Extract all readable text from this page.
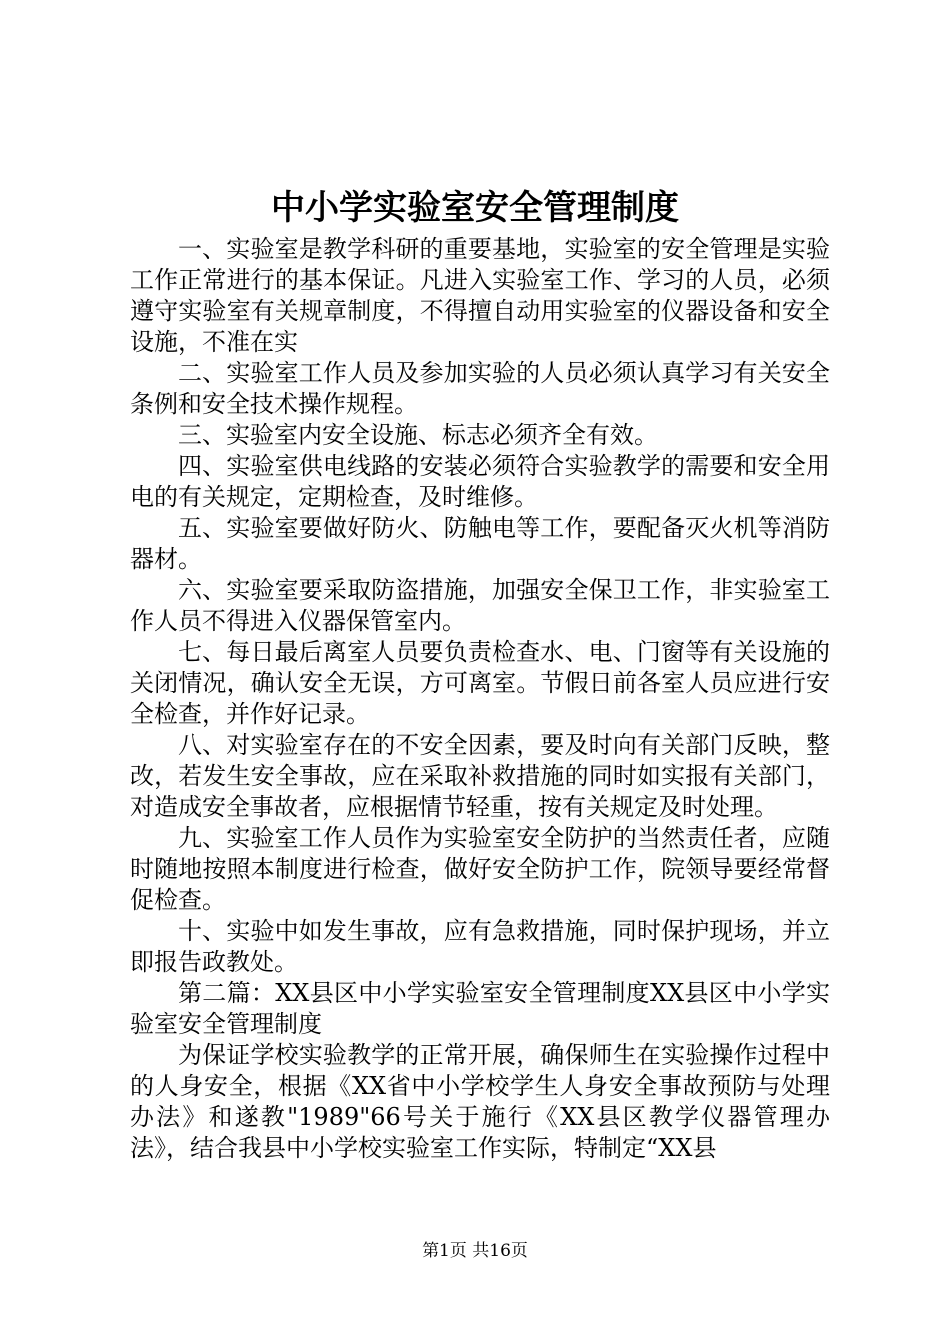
中小学实验室安全管理制度

一、实验室是教学科研的重要基地，实验室的安全管理是实验工作正常进行的基本保证。凡进入实验室工作、学习的人员，必须遵守实验室有关规章制度，不得擅自动用实验室的仪器设备和安全设施，不准在实

二、实验室工作人员及参加实验的人员必须认真学习有关安全条例和安全技术操作规程。

三、实验室内安全设施、标志必须齐全有效。

四、实验室供电线路的安装必须符合实验教学的需要和安全用电的有关规定，定期检查，及时维修。

五、实验室要做好防火、防触电等工作，要配备灭火机等消防器材。

六、实验室要采取防盗措施，加强安全保卫工作，非实验室工作人员不得进入仪器保管室内。

七、每日最后离室人员要负责检查水、电、门窗等有关设施的关闭情况，确认安全无误，方可离室。节假日前各室人员应进行安全检查，并作好记录。

八、对实验室存在的不安全因素，要及时向有关部门反映，整改，若发生安全事故，应在采取补救措施的同时如实报有关部门，对造成安全事故者，应根据情节轻重，按有关规定及时处理。

九、实验室工作人员作为实验室安全防护的当然责任者，应随时随地按照本制度进行检查，做好安全防护工作，院领导要经常督促检查。

十、实验中如发生事故，应有急救措施，同时保护现场，并立即报告政教处。

第二篇：XX县区中小学实验室安全管理制度XX县区中小学实验室安全管理制度

为保证学校实验教学的正常开展，确保师生在实验操作过程中的人身安全，根据《XX省中小学校学生人身安全事故预防与处理办法》和遂教"1989"66号关于施行《XX县区教学仪器管理办法》，结合我县中小学校实验室工作实际，特制定“XX县

第1页 共16页
